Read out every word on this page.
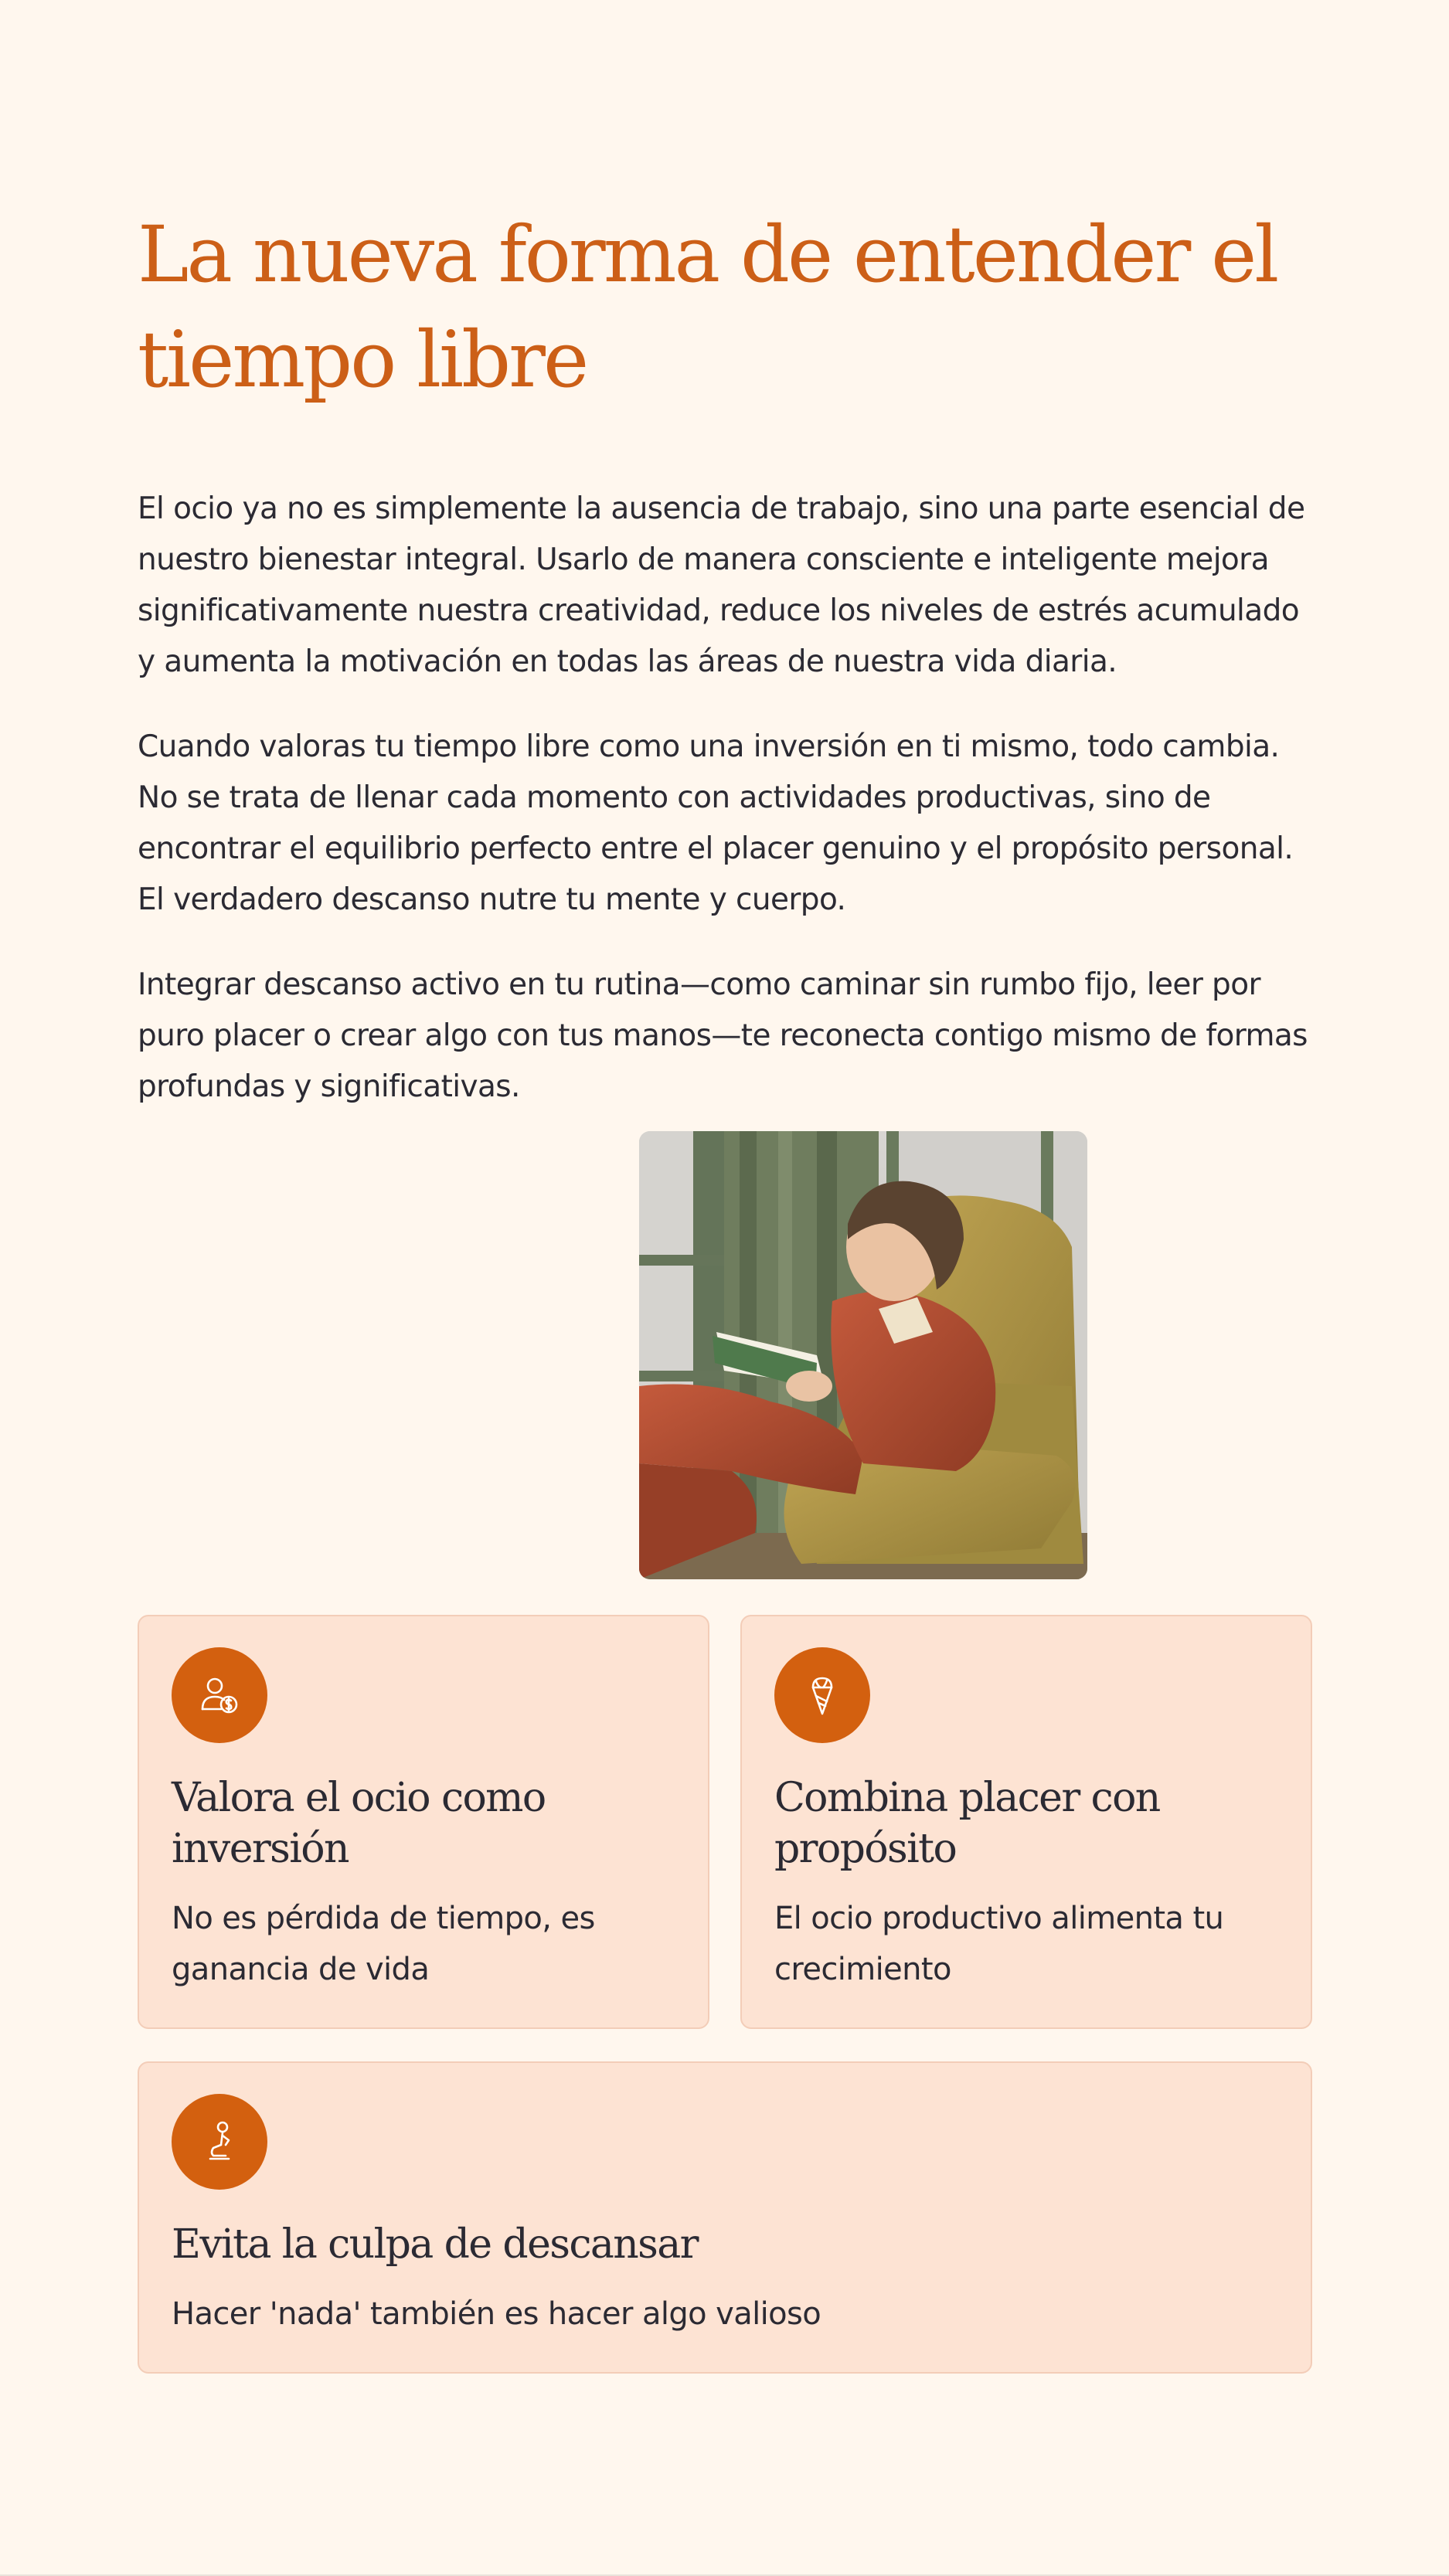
La nueva forma de entender el tiempo libre

El ocio ya no es simplemente la ausencia de trabajo, sino una parte esencial de nuestro bienestar integral. Usarlo de manera consciente e inteligente mejora significativamente nuestra creatividad, reduce los niveles de estrés acumulado y aumenta la motivación en todas las áreas de nuestra vida diaria.

Cuando valoras tu tiempo libre como una inversión en ti mismo, todo cambia. No se trata de llenar cada momento con actividades productivas, sino de encontrar el equilibrio perfecto entre el placer genuino y el propósito personal. El verdadero descanso nutre tu mente y cuerpo.

Integrar descanso activo en tu rutina—como caminar sin rumbo fijo, leer por puro placer o crear algo con tus manos—te reconecta contigo mismo de formas profundas y significativas.

Valora el ocio como inversión

No es pérdida de tiempo, es ganancia de vida

Combina placer con propósito

El ocio productivo alimenta tu crecimiento

Evita la culpa de descansar

Hacer 'nada' también es hacer algo valioso
